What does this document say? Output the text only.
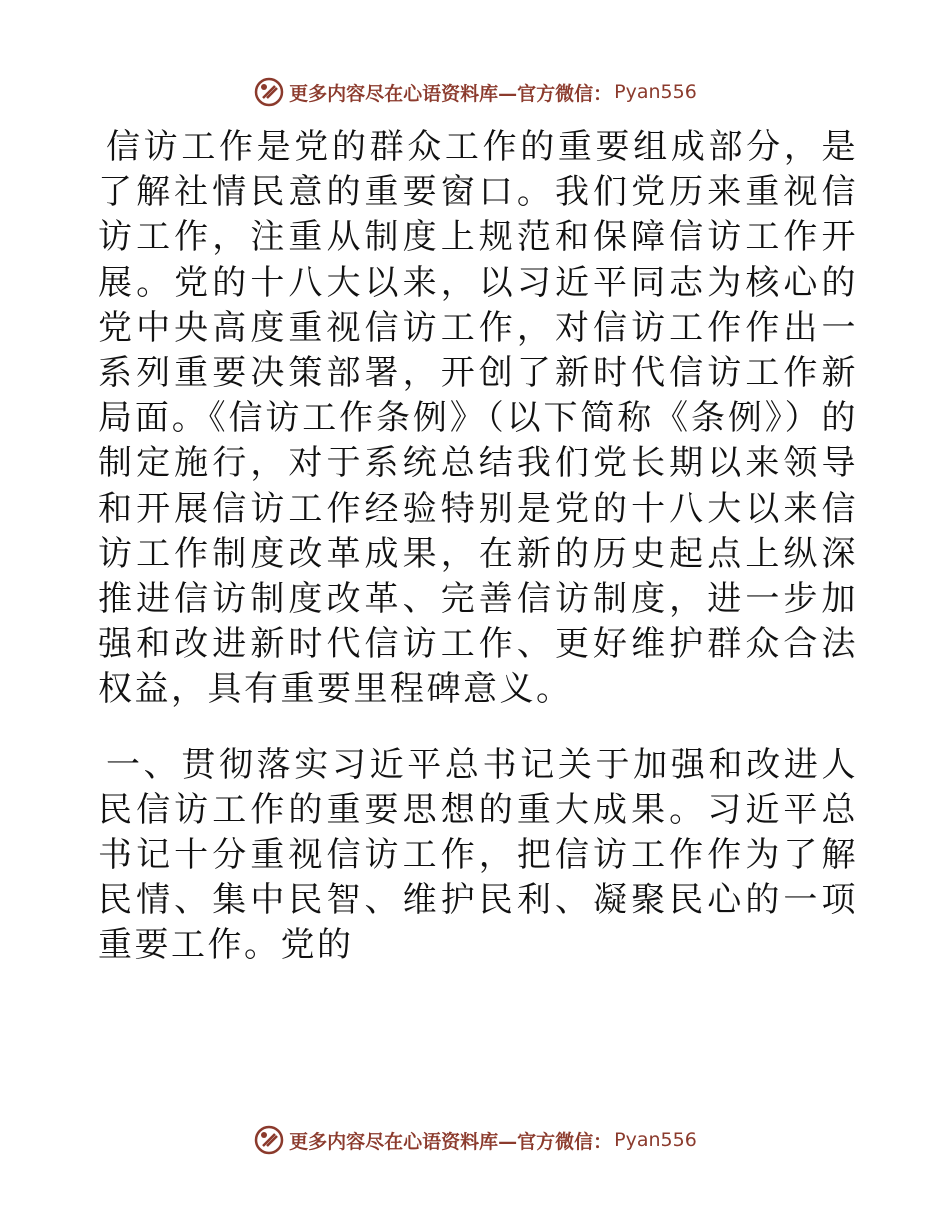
更多内容尽在心语资料库—官方微信： Pyan556

信访工作是党的群众工作的重要组成部分，是了解社情民意的重要窗口。我们党历来重视信访工作，注重从制度上规范和保障信访工作开展。党的十八大以来，以习近平同志为核心的党中央高度重视信访工作，对信访工作作出一系列重要决策部署，开创了新时代信访工作新局面。《信访工作条例》（以下简称《条例》）的制定施行，对于系统总结我们党长期以来领导和开展信访工作经验特别是党的十八大以来信访工作制度改革成果，在新的历史起点上纵深推进信访制度改革、完善信访制度，进一步加强和改进新时代信访工作、更好维护群众合法权益，具有重要里程碑意义。

一、贯彻落实习近平总书记关于加强和改进人民信访工作的重要思想的重大成果。习近平总书记十分重视信访工作，把信访工作作为了解民情、集中民智、维护民利、凝聚民心的一项重要工作。党的

更多内容尽在心语资料库—官方微信： Pyan556
